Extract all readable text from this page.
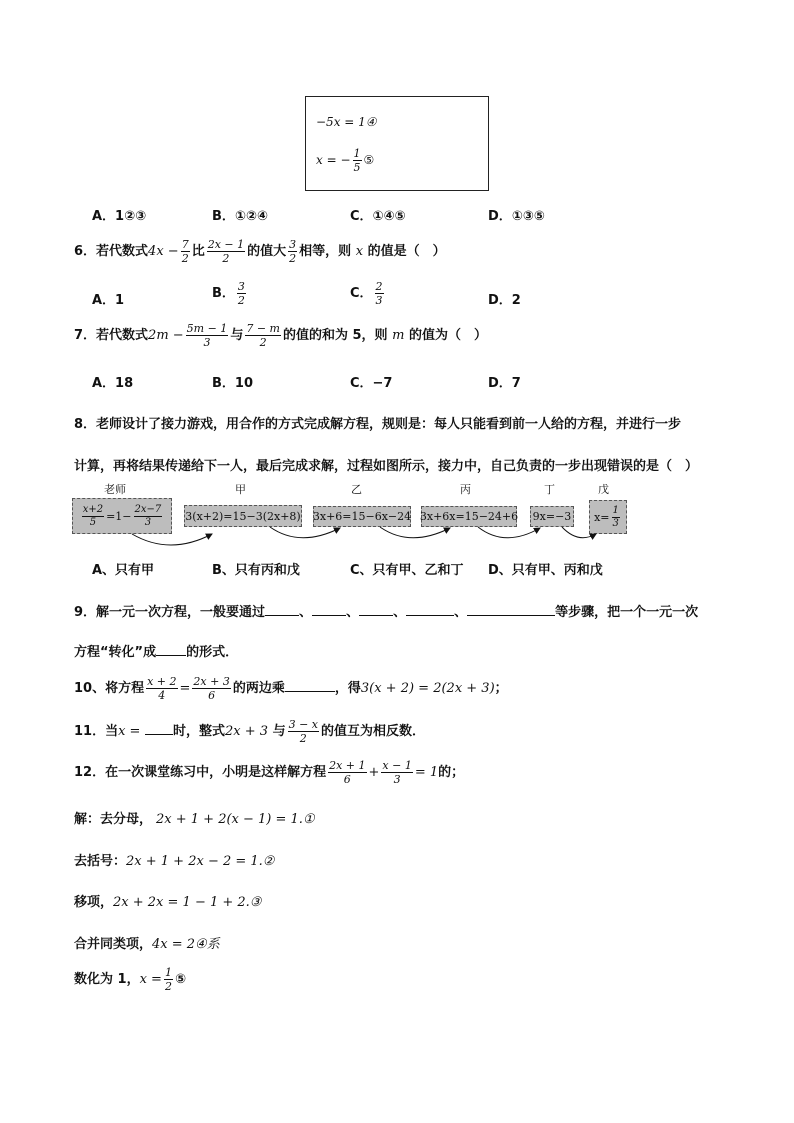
−5x = 1④
x = − $\frac{1}{5}$ ⑤
A．1②③	B．①②④	C．①④⑤	D．①③⑤
6．若代数式$4x - \frac{7}{2}$ 比 $\frac{2x - 1}{2}$ 的值大 $\frac{3}{2}$ 相等，则 x 的值是（　）
A．1	B． $\frac{3}{2}$	C． $\frac{2}{3}$	D．2
7．若代数式$2m - \frac{5m - 1}{3}$ 与 $\frac{7 - m}{2}$ 的值的和为 5，则 m 的值为（　）
A．18	B．10	C．−7	D．7
8．老师设计了接力游戏，用合作的方式完成解方程，规则是：每人只能看到前一人给的方程，并进行一步
计算，再将结果传递给下一人，最后完成求解，过程如图所示，接力中，自己负责的一步出现错误的是（　）
老师	甲	乙	丙	丁	戊
$\frac{x+2}{5} =1- \frac{2x-7}{3} 3(x+2)=15-3(2x+8)$ 3x+6=15−6x−24 3x+6x=15−24+6 9x=−3 $x= \frac{1}{3}$
A、只有甲	B、只有丙和戊	C、只有甲、乙和丁 D、只有甲、丙和戊
9．解一元一次方程，一般要通过	、	、	、	、	等步骤，把一个一元一次
方程“转化”成 的形式．
10、将方程 $\frac{x + 2}{4} = \frac{2x + 3}{6}$ 的两边乘	，得3(x + 2) = 2(2x + 3)；
11．当x =	时，整式2x + 3 与 $\frac{3 - x}{2}$ 的值互为相反数．
12．在一次课堂练习中，小明是这样解方程 $\frac{2x + 1}{6} + \frac{x - 1}{3} = 1$的；
解：去分母， 2x + 1 + 2(x − 1) = 1.①
去括号：2x + 1 + 2x − 2 = 1.②
移项，2x + 2x = 1 − 1 + 2.③
合并同类项，4x = 2④系
数化为 1，$x = \frac{1}{2}$ ⑤
